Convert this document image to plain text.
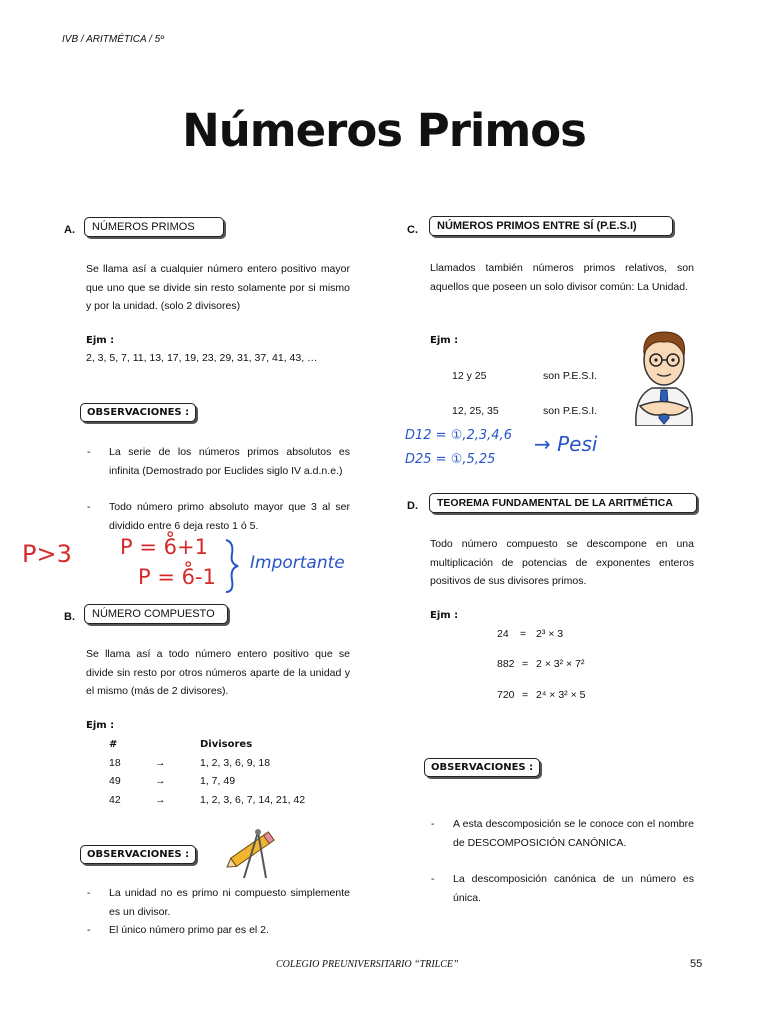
IVB / ARITMÉTICA / 5º
Números Primos
A.	NÚMEROS PRIMOS
Se llama así a cualquier número entero positivo mayor que uno que se divide sin resto solamente por si mismo y por la unidad. (solo 2 divisores)
Ejm :
2, 3, 5, 7, 11, 13, 17, 19, 23, 29, 31, 37, 41, 43, …
OBSERVACIONES :
- La serie de los números primos absolutos es infinita (Demostrado por Euclides siglo IV a.d.n.e.)
- Todo número primo absoluto mayor que 3 al ser dividido entre 6 deja resto 1 ó 5.
P>3 P = 6̊+1
P = 6̊-1
Importante
B.	NÚMERO COMPUESTO
Se llama así a todo número entero positivo que se divide sin resto por otros números aparte de la unidad y el mismo (más de 2 divisores).
Ejm :
#	Divisores
18	→	1, 2, 3, 6, 9, 18
49	→	1, 7, 49
42	→	1, 2, 3, 6, 7, 14, 21, 42
OBSERVACIONES :
- La unidad no es primo ni compuesto simplemente es un divisor.
- El único número primo par es el 2.
C.	NÚMEROS PRIMOS ENTRE SÍ (P.E.S.I)
Llamados también números primos relativos, son aquellos que poseen un solo divisor común: La Unidad.
Ejm :
12 y 25	son P.E.S.I.
12, 25, 35	son P.E.S.I.
D12 = ①,2,3,4,6
D25 = ①,5,25
→ Pesi
D.	TEOREMA FUNDAMENTAL DE LA ARITMÉTICA
Todo número compuesto se descompone en una multiplicación de potencias de exponentes enteros positivos de sus divisores primos.
Ejm :
24 = 2³ × 3
882 = 2 × 3² × 7²
720 = 2⁴ × 3² × 5
OBSERVACIONES :
- A esta descomposición se le conoce con el nombre de DESCOMPOSICIÓN CANÓNICA.
- La descomposición canónica de un número es única.
COLEGIO PREUNIVERSITARIO “TRILCE”	55
